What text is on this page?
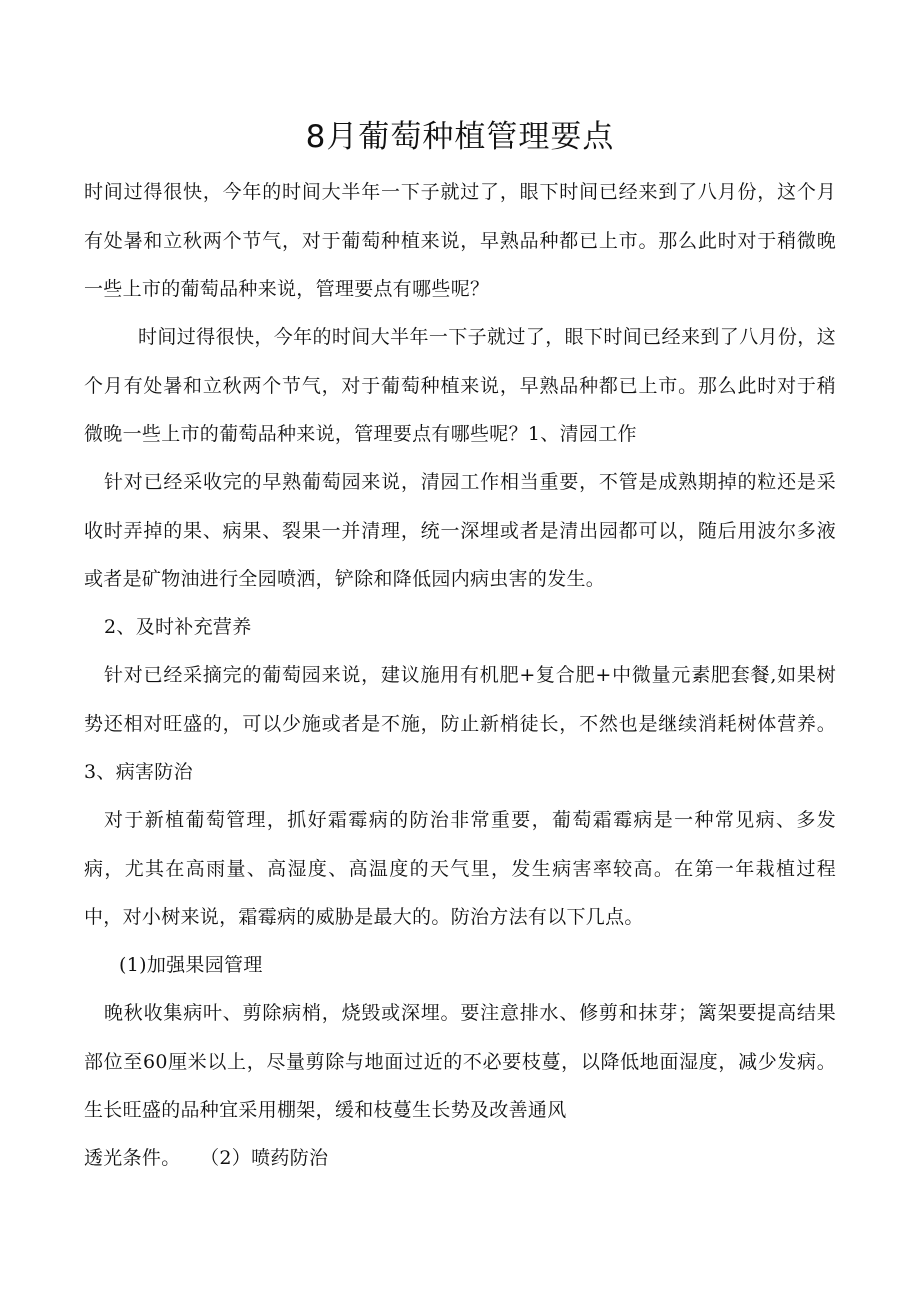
8月葡萄种植管理要点

时间过得很快，今年的时间大半年一下子就过了，眼下时间已经来到了八月份，这个月有处暑和立秋两个节气，对于葡萄种植来说，早熟品种都已上市。那么此时对于稍微晚一些上市的葡萄品种来说，管理要点有哪些呢？

时间过得很快，今年的时间大半年一下子就过了，眼下时间已经来到了八月份，这个月有处暑和立秋两个节气，对于葡萄种植来说，早熟品种都已上市。那么此时对于稍微晚一些上市的葡萄品种来说，管理要点有哪些呢？1、清园工作

针对已经采收完的早熟葡萄园来说，清园工作相当重要，不管是成熟期掉的粒还是采收时弄掉的果、病果、裂果一并清理，统一深埋或者是清出园都可以，随后用波尔多液或者是矿物油进行全园喷洒，铲除和降低园内病虫害的发生。

2、及时补充营养

针对已经采摘完的葡萄园来说，建议施用有机肥+复合肥+中微量元素肥套餐,如果树势还相对旺盛的，可以少施或者是不施，防止新梢徒长，不然也是继续消耗树体营养。3、病害防治

对于新植葡萄管理，抓好霜霉病的防治非常重要，葡萄霜霉病是一种常见病、多发病，尤其在高雨量、高湿度、高温度的天气里，发生病害率较高。在第一年栽植过程中，对小树来说，霜霉病的威胁是最大的。防治方法有以下几点。

(1)加强果园管理

晚秋收集病叶、剪除病梢，烧毁或深埋。要注意排水、修剪和抹芽；篱架要提高结果部位至60厘米以上，尽量剪除与地面过近的不必要枝蔓，以降低地面湿度，减少发病。生长旺盛的品种宜采用棚架，缓和枝蔓生长势及改善通风

透光条件。　　（2）喷药防治
